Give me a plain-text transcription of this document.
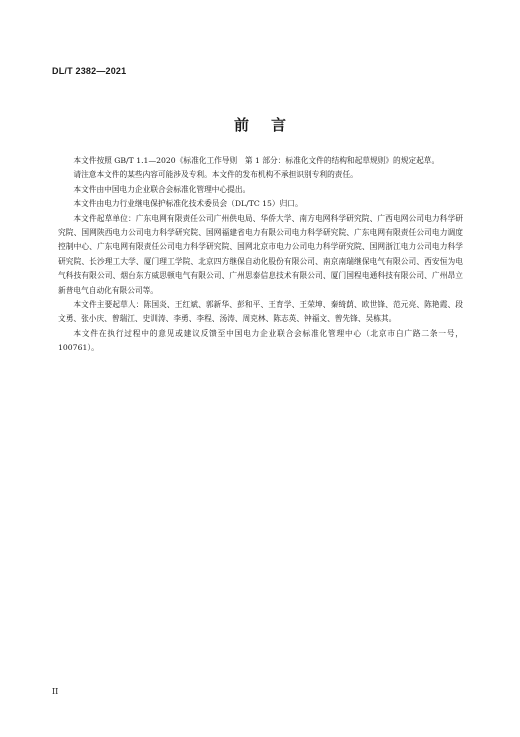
DL/T 2382—2021
前言

本文件按照 GB/T 1.1—2020《标准化工作导则　第 1 部分：标准化文件的结构和起草规则》的规定起草。

请注意本文件的某些内容可能涉及专利。本文件的发布机构不承担识别专利的责任。

本文件由中国电力企业联合会标准化管理中心提出。

本文件由电力行业继电保护标准化技术委员会（DL/TC 15）归口。

本文件起草单位：广东电网有限责任公司广州供电局、华侨大学、南方电网科学研究院、广西电网公司电力科学研究院、国网陕西电力公司电力科学研究院、国网福建省电力有限公司电力科学研究院、广东电网有限责任公司电力调度控制中心、广东电网有限责任公司电力科学研究院、国网北京市电力公司电力科学研究院、国网浙江电力公司电力科学研究院、长沙理工大学、厦门理工学院、北京四方继保自动化股份有限公司、南京南瑞继保电气有限公司、西安恒为电气科技有限公司、烟台东方威思顿电气有限公司、广州思泰信息技术有限公司、厦门国程电通科技有限公司、广州昂立新普电气自动化有限公司等。

本文件主要起草人：陈国炎、王红斌、郭新华、彭和平、王育学、王荣坤、秦绮荫、欧世锋、范元亮、陈艳霞、段文勇、张小庆、曾瑞江、史训涛、李勇、李程、汤涛、周克林、陈志英、钟福文、曾先锋、吴栋其。

本文件在执行过程中的意见或建议反馈至中国电力企业联合会标准化管理中心（北京市白广路二条一号，100761）。

II
